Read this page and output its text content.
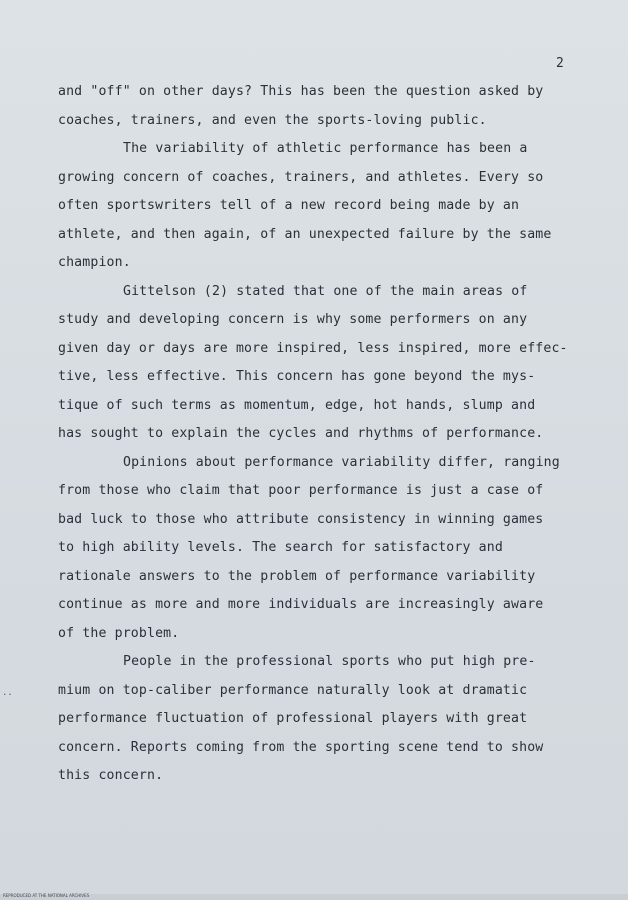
2
and "off" on other days? This has been the question asked by
coaches, trainers, and even the sports-loving public.
The variability of athletic performance has been a
growing concern of coaches, trainers, and athletes. Every so
often sportswriters tell of a new record being made by an
athlete, and then again, of an unexpected failure by the same
champion.
Gittelson (2) stated that one of the main areas of
study and developing concern is why some performers on any
given day or days are more inspired, less inspired, more effec-
tive, less effective. This concern has gone beyond the mys-
tique of such terms as momentum, edge, hot hands, slump and
has sought to explain the cycles and rhythms of performance.
Opinions about performance variability differ, ranging
from those who claim that poor performance is just a case of
bad luck to those who attribute consistency in winning games
to high ability levels. The search for satisfactory and
rationale answers to the problem of performance variability
continue as more and more individuals are increasingly aware
of the problem.
People in the professional sports who put high pre-
mium on top-caliber performance naturally look at dramatic
performance fluctuation of professional players with great
concern. Reports coming from the sporting scene tend to show
this concern.
..
REPRODUCED AT THE NATIONAL ARCHIVES
